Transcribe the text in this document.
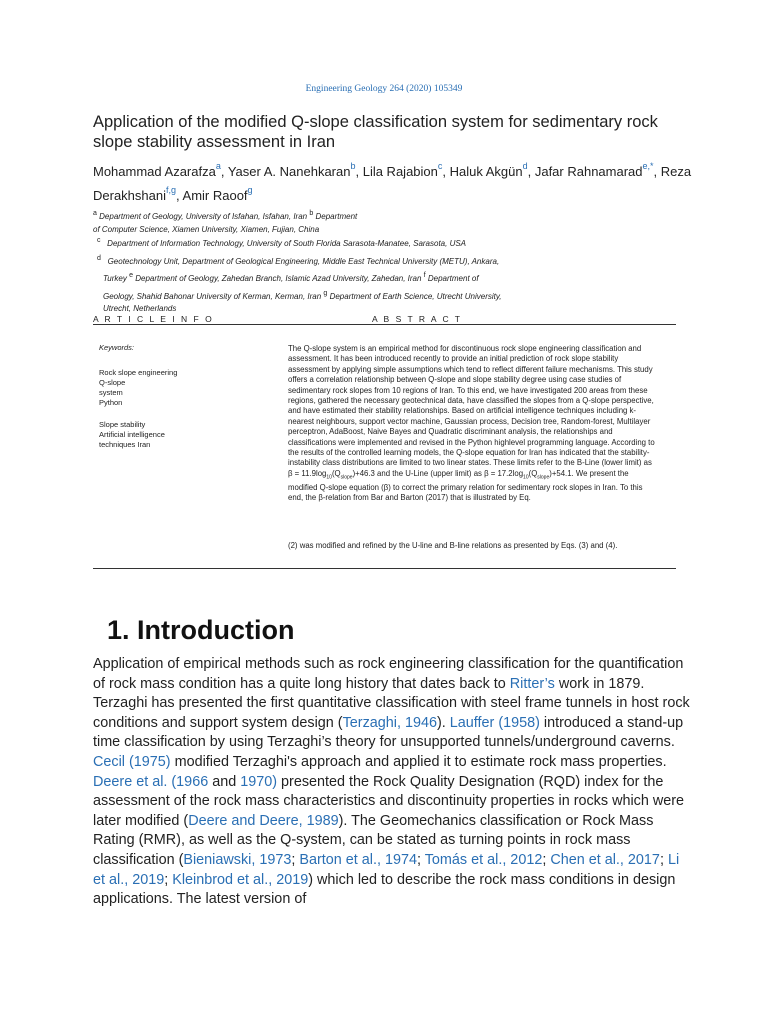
Engineering Geology 264 (2020) 105349
Application of the modified Q-slope classification system for sedimentary rock slope stability assessment in Iran
Mohammad Azarafza$^a$, Yaser A. Nanehkaran$^b$, Lila Rajabion$^c$, Haluk Akgün$^d$, Jafar Rahnamarad$^{e,*}$, Reza Derakhshani$^{f,g}$, Amir Raoof$^g$
$^a$ Department of Geology, University of Isfahan, Isfahan, Iran $^b$ Department
of Computer Science, Xiamen University, Xiamen, Fujian, China
$^c$ Department of Information Technology, University of South Florida Sarasota-Manatee, Sarasota, USA
$^d$ Geotechnology Unit, Department of Geological Engineering, Middle East Technical University (METU), Ankara,
Turkey $^e$ Department of Geology, Zahedan Branch, Islamic Azad University, Zahedan, Iran $^f$ Department of
Geology, Shahid Bahonar University of Kerman, Kerman, Iran $^g$ Department of Earth Science, Utrecht University,
Utrecht, Netherlands
A R T I C L E I N F O	A B S T R A C T
Keywords:
Rock slope engineering
Q-slope
system
Python
Slope stability
Artificial intelligence
techniques Iran
The Q-slope system is an empirical method for discontinuous rock slope engineering classification and assessment. It has been introduced recently to provide an initial prediction of rock slope stability assessment by applying simple assumptions which tend to reflect different failure mechanisms. This study offers a correlation relationship between Q-slope and slope stability degree using case studies of sedimentary rock slopes from 10 regions of Iran. To this end, we have investigated 200 areas from these regions, gathered the necessary geotechnical data, have classified the slopes from a Q-slope perspective, and have estimated their stability relationships. Based on artificial intelligence techniques including k-nearest neighbours, support vector machine, Gaussian process, Decision tree, Random-forest, Multilayer perceptron, AdaBoost, Naive Bayes and Quadratic discriminant analysis, the relationships and classifications were implemented and revised in the Python highlevel programming language. According to the results of the controlled learning models, the Q-slope equation for Iran has indicated that the stability-instability class distributions are limited to two linear states. These limits refer to the B-Line (lower limit) as $\beta = 11.9\log_{10}(Q_{slope})+46.3$ and the U-Line (upper limit) as $\beta = 17.2\log_{10}(Q_{slope})+54.1$. We present the modified Q-slope equation (β) to correct the primary relation for sedimentary rock slopes in Iran. To this end, the β-relation from Bar and Barton (2017) that is illustrated by Eq.
(2) was modified and refined by the U-line and B-line relations as presented by Eqs. (3) and (4).
1. Introduction
Application of empirical methods such as rock engineering classification for the quantification of rock mass condition has a quite long history that dates back to Ritter’s work in 1879. Terzaghi has presented the first quantitative classification with steel frame tunnels in host rock conditions and support system design (Terzaghi, 1946). Lauffer (1958) introduced a stand-up time classification by using Terzaghi’s theory for unsupported tunnels/underground caverns. Cecil (1975) modified Terzaghi's approach and applied it to estimate rock mass properties. Deere et al. (1966 and 1970) presented the Rock Quality Designation (RQD) index for the assessment of the rock mass characteristics and discontinuity properties in rocks which were later modified (Deere and Deere, 1989). The Geomechanics classification or Rock Mass Rating (RMR), as well as the Q-system, can be stated as turning points in rock mass classification (Bieniawski, 1973; Barton et al., 1974; Tomás et al., 2012; Chen et al., 2017; Li et al., 2019; Kleinbrod et al., 2019) which led to describe the rock mass conditions in design applications. The latest version of
